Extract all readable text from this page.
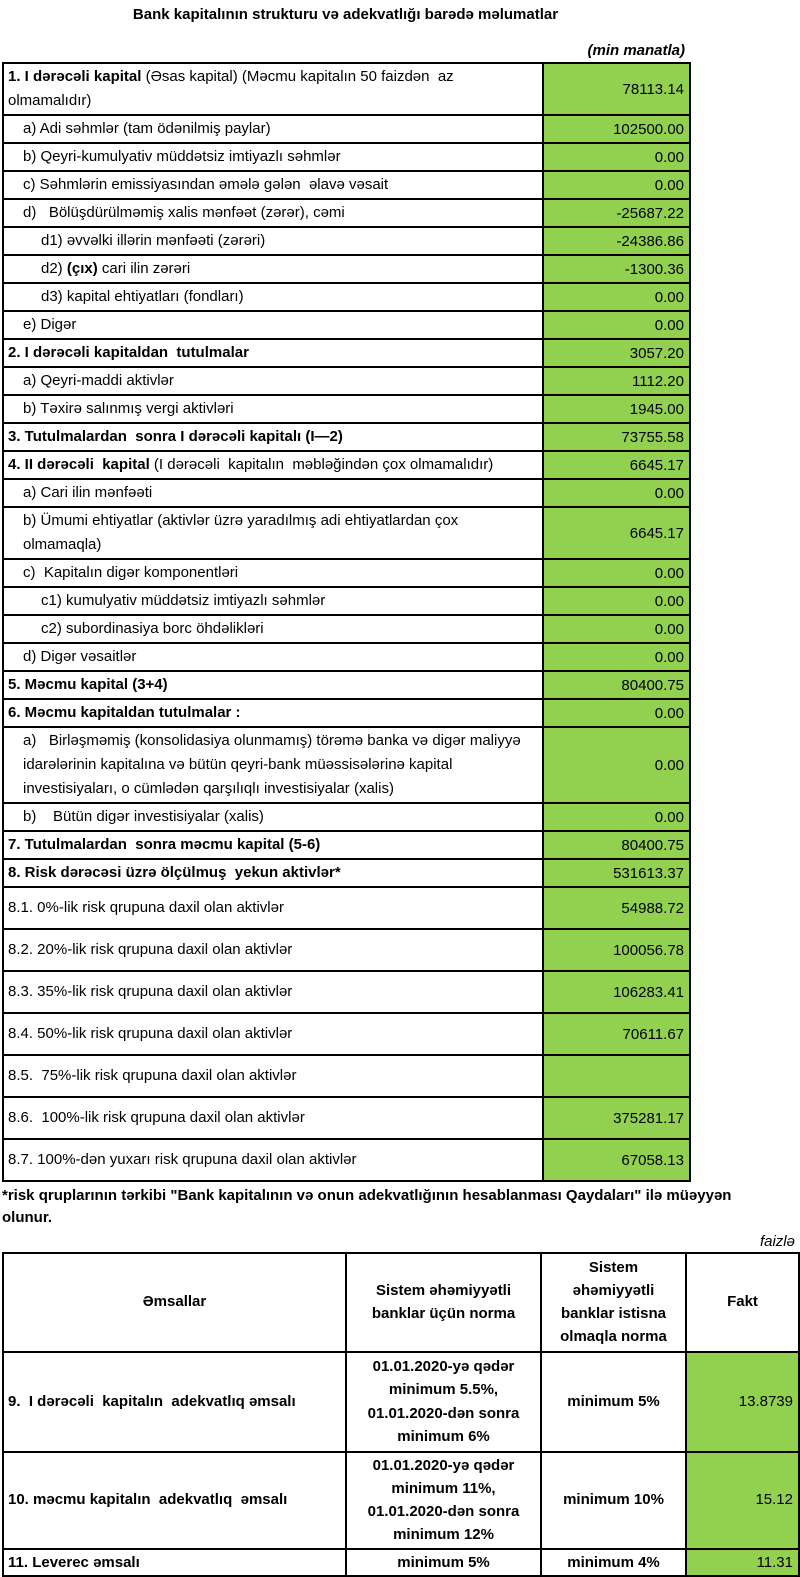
Bank kapitalının strukturu və adekvatlığı barədə məlumatlar

(min manatla)
1. I dərəcəli kapital (Əsas kapital) (Məcmu kapitalın 50 faizdən  az olmamalıdır)	78113.14
a) Adi səhmlər (tam ödənilmiş paylar)	102500.00
b) Qeyri-kumulyativ müddətsiz imtiyazlı səhmlər	0.00
c) Səhmlərin emissiyasından əmələ gələn  əlavə vəsait	0.00
d)   Bölüşdürülməmiş xalis mənfəət (zərər), cəmi	-25687.22
d1) əvvəlki illərin mənfəəti (zərəri)	-24386.86
d2) (çıx) cari ilin zərəri	-1300.36
d3) kapital ehtiyatları (fondları)	0.00
e) Digər	0.00
2. I dərəcəli kapitaldan  tutulmalar	3057.20
a) Qeyri-maddi aktivlər	1112.20
b) Təxirə salınmış vergi aktivləri	1945.00
3. Tutulmalardan  sonra I dərəcəli kapitalı (I—2)	73755.58
4. II dərəcəli  kapital (I dərəcəli  kapitalın  məbləğindən çox olmamalıdır)	6645.17
a) Cari ilin mənfəəti	0.00
b) Ümumi ehtiyatlar (aktivlər üzrə yaradılmış adi ehtiyatlardan çox olmamaqla)	6645.17
c)  Kapitalın digər komponentləri	0.00
c1) kumulyativ müddətsiz imtiyazlı səhmlər	0.00
c2) subordinasiya borc öhdəlikləri	0.00
d) Digər vəsaitlər	0.00
5. Məcmu kapital (3+4)	80400.75
6. Məcmu kapitaldan tutulmalar :	0.00
a)   Birləşməmiş (konsolidasiya olunmamış) törəmə banka və digər maliyyə idarələrinin kapitalına və bütün qeyri-bank müəssisələrinə kapital investisiyaları, o cümlədən qarşılıqlı investisiyalar (xalis)	0.00
b)    Bütün digər investisiyalar (xalis)	0.00
7. Tutulmalardan  sonra məcmu kapital (5-6)	80400.75
8. Risk dərəcəsi üzrə ölçülmuş  yekun aktivlər*	531613.37
8.1. 0%-lik risk qrupuna daxil olan aktivlər	54988.72
8.2. 20%-lik risk qrupuna daxil olan aktivlər	100056.78
8.3. 35%-lik risk qrupuna daxil olan aktivlər	106283.41
8.4. 50%-lik risk qrupuna daxil olan aktivlər	70611.67
8.5.  75%-lik risk qrupuna daxil olan aktivlər	
8.6.  100%-lik risk qrupuna daxil olan aktivlər	375281.17
8.7. 100%-dən yuxarı risk qrupuna daxil olan aktivlər	67058.13

*risk qruplarının tərkibi "Bank kapitalının və onun adekvatlığının hesablanması Qaydaları" ilə müəyyən olunur.

faizlə
Əmsallar	Sistem əhəmiyyətli banklar üçün norma	Sistem əhəmiyyətli banklar istisna olmaqla norma	Fakt
9.  I dərəcəli  kapitalın  adekvatlıq əmsalı	01.01.2020-yə qədər minimum 5.5%, 01.01.2020-dən sonra minimum 6%	minimum 5%	13.8739
10. məcmu kapitalın  adekvatlıq  əmsalı	01.01.2020-yə qədər minimum 11%, 01.01.2020-dən sonra minimum 12%	minimum 10%	15.12
11. Leverec əmsalı	minimum 5%	minimum 4%	11.31
